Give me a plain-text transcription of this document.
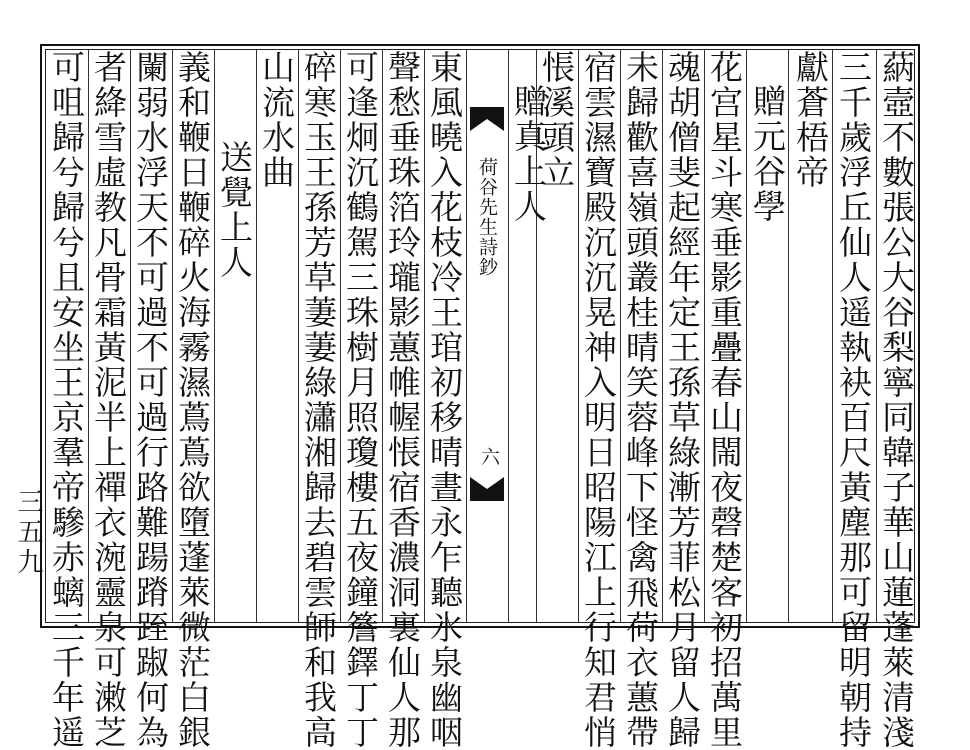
蒳壼不數張公大谷梨寧同韓子華山蓮蓬萊清淺
三千歲浮丘仙人遥執袂百尺黃塵那可留明朝持
獻蒼梧帝
贈元谷學
花宫星斗寒垂影重疊春山閙夜磬楚客初招萬里
魂胡僧斐起經年定王孫草綠漸芳菲松月留人歸
未歸歡喜嶺頭叢桂晴笑蓉峰下怪禽飛荷衣蕙帶
宿雲濕寶殿沉沉晃神入明日昭陽江上行知君悄
悵溪頭立
贈真上人
荷谷先生詩鈔
六
東風曉入花枝冷王琯初移晴晝永乍聽氷泉幽咽
聲愁垂珠箔玲瓏影蕙帷幄悵宿香濃洞裏仙人那
可逢炯沉鶴駕三珠樹月照瓊樓五夜鐘簷鐸丁丁
碎寒玉王孫芳草萋萋綠瀟湘歸去碧雲師和我高
山流水曲
送覺上人
義和鞭日鞭碎火海霧濕蔦蔦欲墮蓬萊微茫白銀
闌弱水浮天不可過不可過行路難踼蹐跮踧何為
者絳雪虛教凡骨霜黃泥半上禪衣涴靈泉可潄芝
可咀歸兮歸兮且安坐王京羣帝驂赤螭三千年遥
三五九
